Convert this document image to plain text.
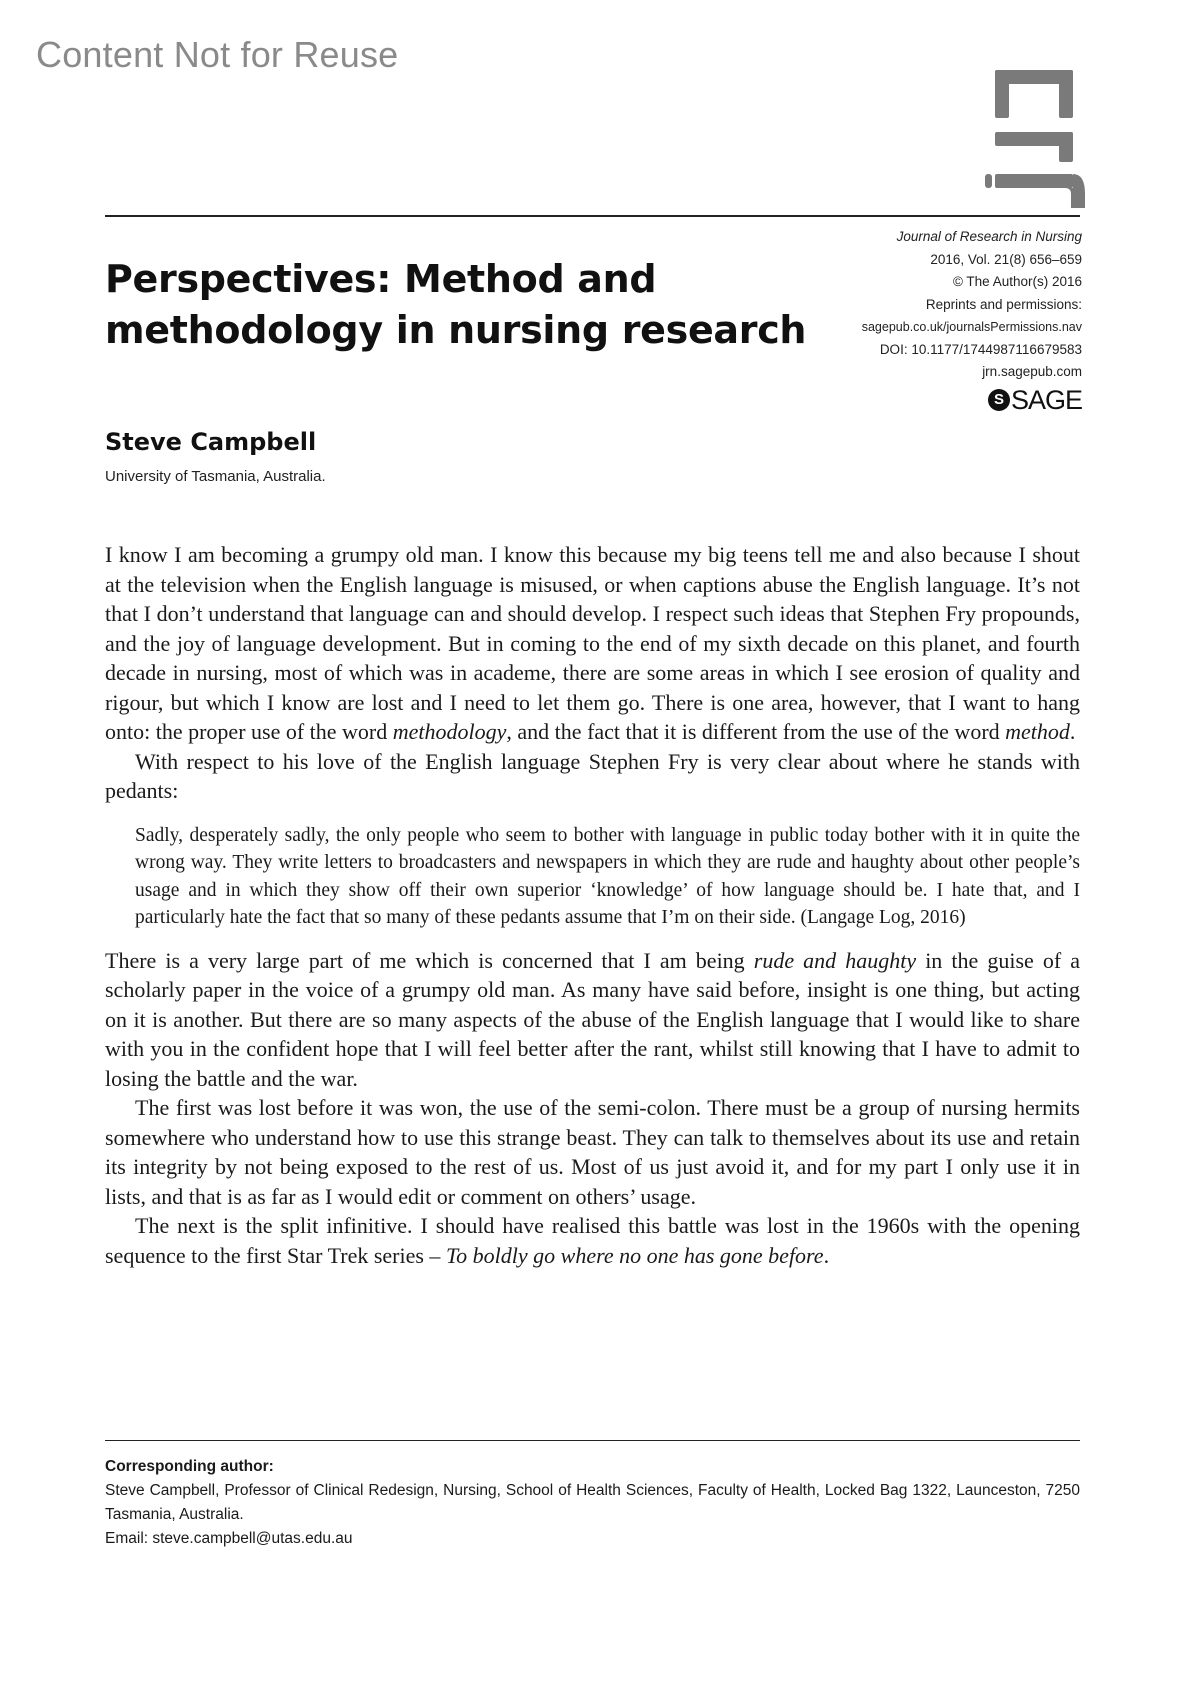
Content Not for Reuse
Perspectives: Method and methodology in nursing research
Journal of Research in Nursing
2016, Vol. 21(8) 656–659
© The Author(s) 2016
Reprints and permissions:
sagepub.co.uk/journalsPermissions.nav
DOI: 10.1177/1744987116679583
jrn.sagepub.com
S SAGE
Steve Campbell
University of Tasmania, Australia.

I know I am becoming a grumpy old man. I know this because my big teens tell me and also because I shout at the television when the English language is misused, or when captions abuse the English language. It’s not that I don’t understand that language can and should develop. I respect such ideas that Stephen Fry propounds, and the joy of language development. But in coming to the end of my sixth decade on this planet, and fourth decade in nursing, most of which was in academe, there are some areas in which I see erosion of quality and rigour, but which I know are lost and I need to let them go. There is one area, however, that I want to hang onto: the proper use of the word methodology, and the fact that it is different from the use of the word method.

With respect to his love of the English language Stephen Fry is very clear about where he stands with pedants:

Sadly, desperately sadly, the only people who seem to bother with language in public today bother with it in quite the wrong way. They write letters to broadcasters and newspapers in which they are rude and haughty about other people’s usage and in which they show off their own superior ‘knowledge’ of how language should be. I hate that, and I particularly hate the fact that so many of these pedants assume that I’m on their side. (Langage Log, 2016)

There is a very large part of me which is concerned that I am being rude and haughty in the guise of a scholarly paper in the voice of a grumpy old man. As many have said before, insight is one thing, but acting on it is another. But there are so many aspects of the abuse of the English language that I would like to share with you in the confident hope that I will feel better after the rant, whilst still knowing that I have to admit to losing the battle and the war.

The first was lost before it was won, the use of the semi-colon. There must be a group of nursing hermits somewhere who understand how to use this strange beast. They can talk to themselves about its use and retain its integrity by not being exposed to the rest of us. Most of us just avoid it, and for my part I only use it in lists, and that is as far as I would edit or comment on others’ usage.

The next is the split infinitive. I should have realised this battle was lost in the 1960s with the opening sequence to the first Star Trek series – To boldly go where no one has gone before.

Corresponding author:
Steve Campbell, Professor of Clinical Redesign, Nursing, School of Health Sciences, Faculty of Health, Locked Bag 1322, Launceston, 7250 Tasmania, Australia.
Email: steve.campbell@utas.edu.au
